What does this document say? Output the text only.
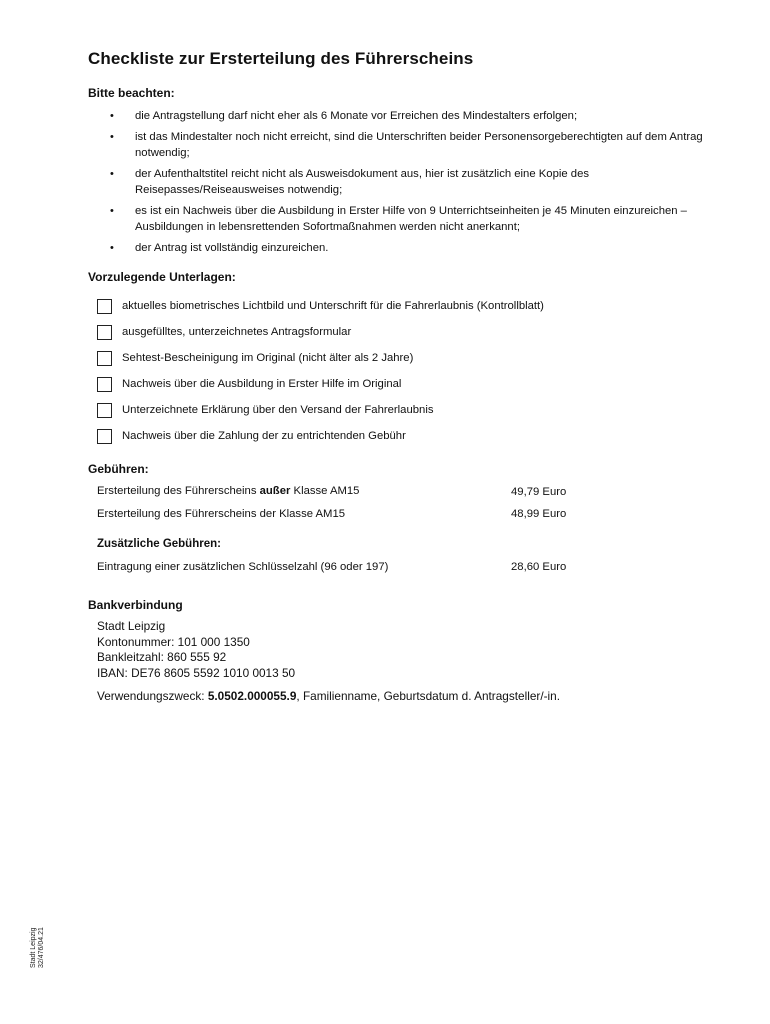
Checkliste zur Ersterteilung des Führerscheins
Bitte beachten:
• die Antragstellung darf nicht eher als 6 Monate vor Erreichen des Mindestalters erfolgen;
• ist das Mindestalter noch nicht erreicht, sind die Unterschriften beider Personensorgeberechtigten auf dem Antrag notwendig;
• der Aufenthaltstitel reicht nicht als Ausweisdokument aus, hier ist zusätzlich eine Kopie des Reisepasses/Reiseausweises notwendig;
• es ist ein Nachweis über die Ausbildung in Erster Hilfe von 9 Unterrichtseinheiten je 45 Minuten einzureichen – Ausbildungen in lebensrettenden Sofortmaßnahmen werden nicht anerkannt;
• der Antrag ist vollständig einzureichen.
Vorzulegende Unterlagen:
aktuelles biometrisches Lichtbild und Unterschrift für die Fahrerlaubnis (Kontrollblatt)
ausgefülltes, unterzeichnetes Antragsformular
Sehtest-Bescheinigung im Original (nicht älter als 2 Jahre)
Nachweis über die Ausbildung in Erster Hilfe im Original
Unterzeichnete Erklärung über den Versand der Fahrerlaubnis
Nachweis über die Zahlung der zu entrichtenden Gebühr
Gebühren:
Ersterteilung des Führerscheins außer Klasse AM15	49,79 Euro
Ersterteilung des Führerscheins der Klasse AM15	48,99 Euro
Zusätzliche Gebühren:
Eintragung einer zusätzlichen Schlüsselzahl (96 oder 197)	28,60 Euro
Bankverbindung
Stadt Leipzig
Kontonummer: 101 000 1350
Bankleitzahl: 860 555 92
IBAN: DE76 8605 5592 1010 0013 50
Verwendungszweck: 5.0502.000055.9, Familienname, Geburtsdatum d. Antragsteller/-in.
Stadt Leipzig 32/476/04.21
